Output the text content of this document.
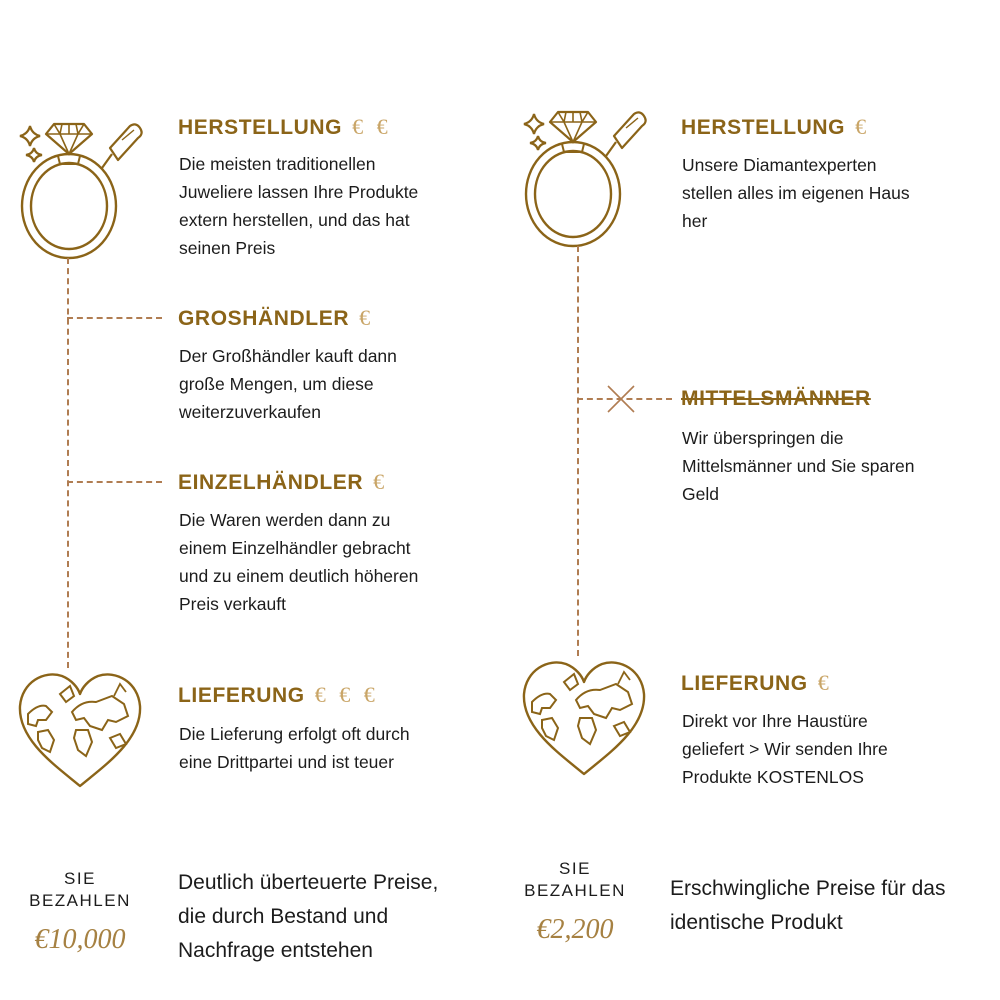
HERSTELLUNG € €
Die meisten traditionellen
Juweliere lassen Ihre Produkte
extern herstellen, und das hat
seinen Preis
GROSHÄNDLER €
Der Großhändler kauft dann
große Mengen, um diese
weiterzuverkaufen
EINZELHÄNDLER €
Die Waren werden dann zu
einem Einzelhändler gebracht
und zu einem deutlich höheren
Preis verkauft
LIEFERUNG € € €
Die Lieferung erfolgt oft durch
eine Drittpartei und ist teuer
SIE
BEZAHLEN
€10,000
Deutlich überteuerte Preise,
die durch Bestand und
Nachfrage entstehen
HERSTELLUNG €
Unsere Diamantexperten
stellen alles im eigenen Haus
her
MITTELSMÄNNER
Wir überspringen die
Mittelsmänner und Sie sparen
Geld
LIEFERUNG €
Direkt vor Ihre Haustüre
geliefert > Wir senden Ihre
Produkte KOSTENLOS
SIE
BEZAHLEN
€2,200
Erschwingliche Preise für das
identische Produkt
